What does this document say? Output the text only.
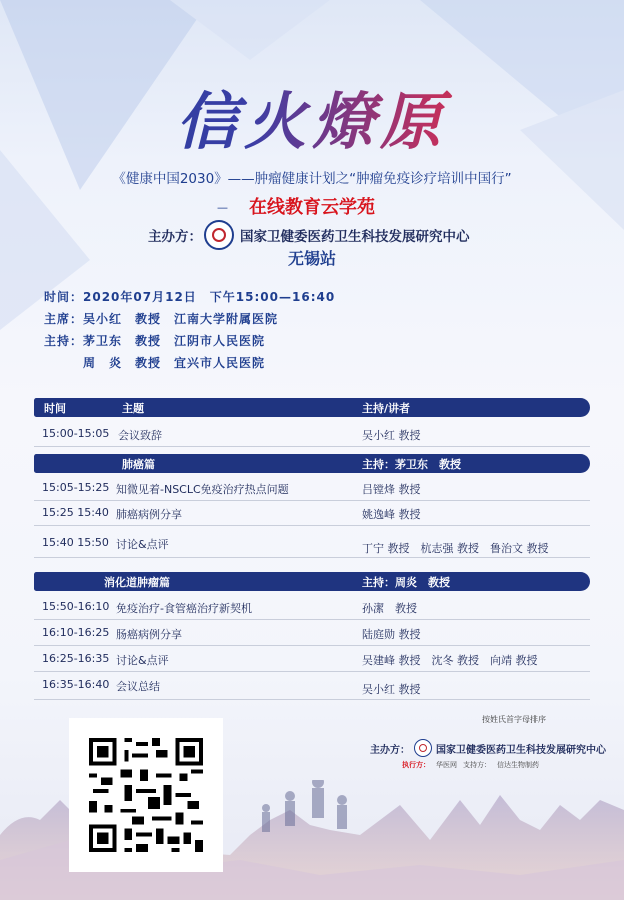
信火燎原
《健康中国2030》——肿瘤健康计划之“肿瘤免疫诊疗培训中国行”
—	在线教育云学苑
主办方：	国家卫健委医药卫生科技发展研究中心
无锡站
时间：2020年07月12日　下午15:00—16:40
主席：吴小红　教授　江南大学附属医院
主持：茅卫东　教授　江阴市人民医院
　　　周　炎　教授　宜兴市人民医院
时间	主题	主持/讲者
15:00-15:05 会议致辞	吴小红 教授
肺癌篇	主持：茅卫东　教授
15:05-15:25 知微见着-NSCLC免疫治疗热点问题	吕镗烽 教授
15:25 15:40 肺癌病例分享	姚逸峰 教授
15:40 15:50 讨论&点评	丁宁 教授　杭志强 教授　鲁治文 教授
消化道肿瘤篇	主持：周炎　教授
15:50-16:10 免疫治疗-食管癌治疗新契机	孙潔　教授
16:10-16:25 肠癌病例分享	陆庭勋 教授
16:25-16:35 讨论&点评	吴建峰 教授　沈冬 教授　向靖 教授
16:35-16:40 会议总结	吴小红 教授
按姓氏首字母排序
主办方：	国家卫健委医药卫生科技发展研究中心
执行方： 华医网 支持方： 信达生物制药
